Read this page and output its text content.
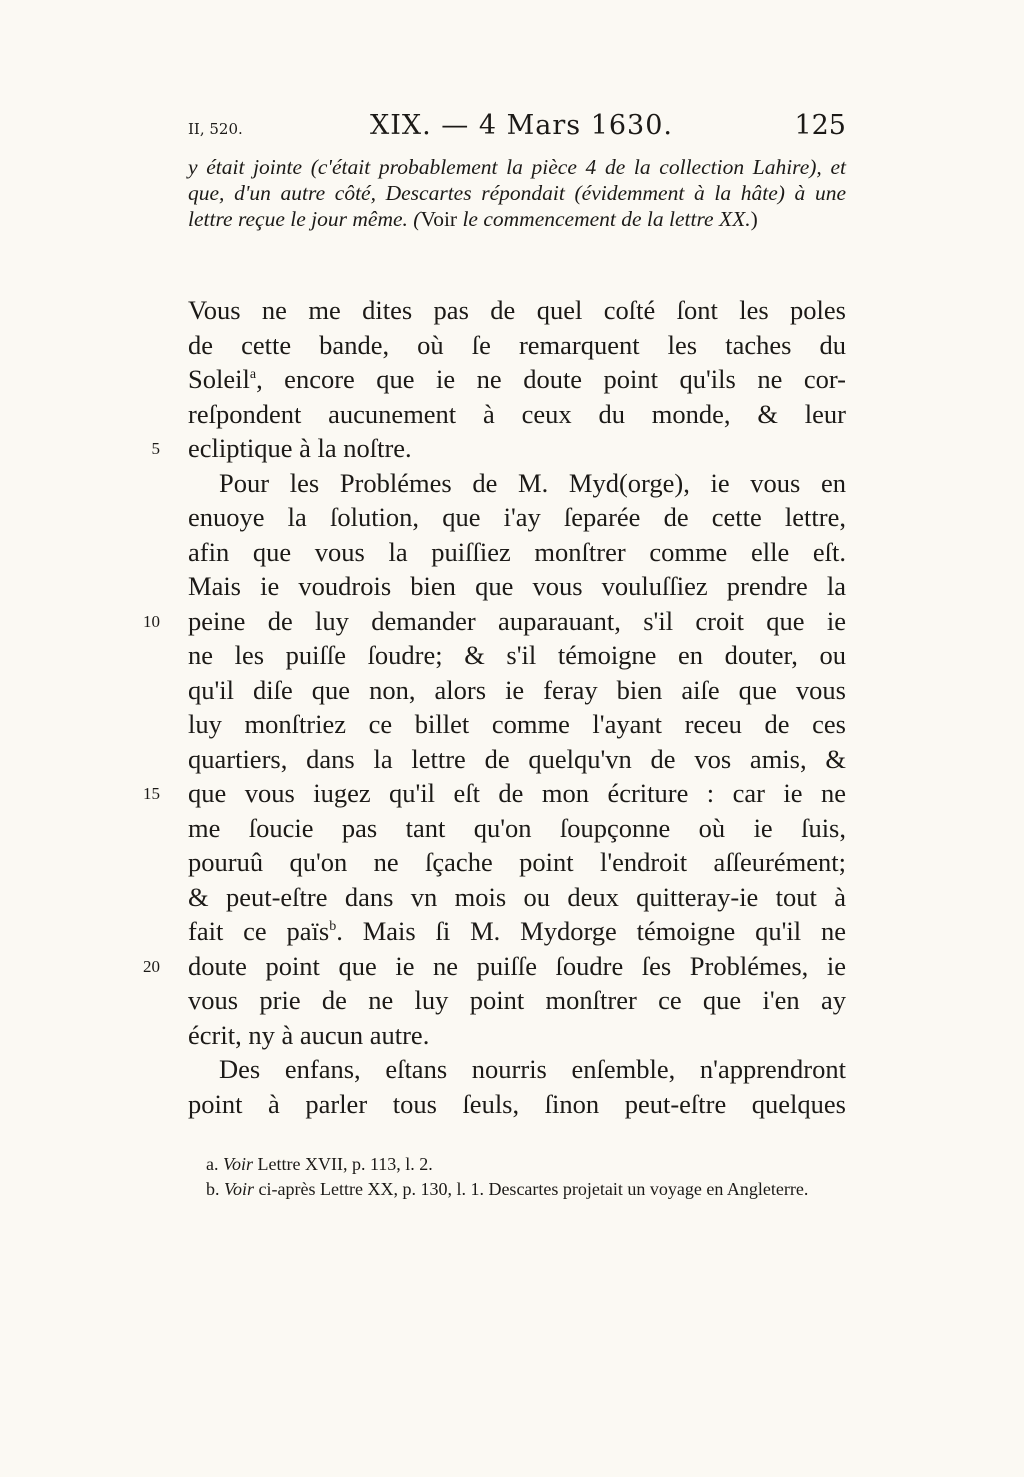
II, 520.	XIX. — 4 Mars 1630.	125
y était jointe (c'était probablement la pièce 4 de la collection Lahire), et que, d'un autre côté, Descartes répondait (évidemment à la hâte) à une lettre reçue le jour même. (Voir le commencement de la lettre XX.)
Vous ne me dites pas de quel coſté ſont les poles
de cette bande, où ſe remarquent les taches du
Soleil$^a$, encore que ie ne doute point qu'ils ne cor-
reſpondent aucunement à ceux du monde, & leur
ecliptique à la noſtre.
Pour les Problémes de M. Myd(orge), ie vous en
enuoye la ſolution, que i'ay ſeparée de cette lettre,
afin que vous la puiſſiez monſtrer comme elle eſt.
Mais ie voudrois bien que vous vouluſſiez prendre la
peine de luy demander auparauant, s'il croit que ie
ne les puiſſe ſoudre; & s'il témoigne en douter, ou
qu'il diſe que non, alors ie feray bien aiſe que vous
luy monſtriez ce billet comme l'ayant receu de ces
quartiers, dans la lettre de quelqu'vn de vos amis, &
que vous iugez qu'il eſt de mon écriture : car ie ne
me ſoucie pas tant qu'on ſoupçonne où ie ſuis,
pouruû qu'on ne ſçache point l'endroit aſſeurément;
& peut-eſtre dans vn mois ou deux quitteray-ie tout à
fait ce païs$^b$. Mais ſi M. Mydorge témoigne qu'il ne
doute point que ie ne puiſſe ſoudre ſes Problémes, ie
vous prie de ne luy point monſtrer ce que i'en ay
écrit, ny à aucun autre.
Des enfans, eſtans nourris enſemble, n'apprendront
point à parler tous ſeuls, ſinon peut-eſtre quelques
5
10
15
20
a. Voir Lettre XVII, p. 113, l. 2.
b. Voir ci-après Lettre XX, p. 130, l. 1. Descartes projetait un voyage en Angleterre.
